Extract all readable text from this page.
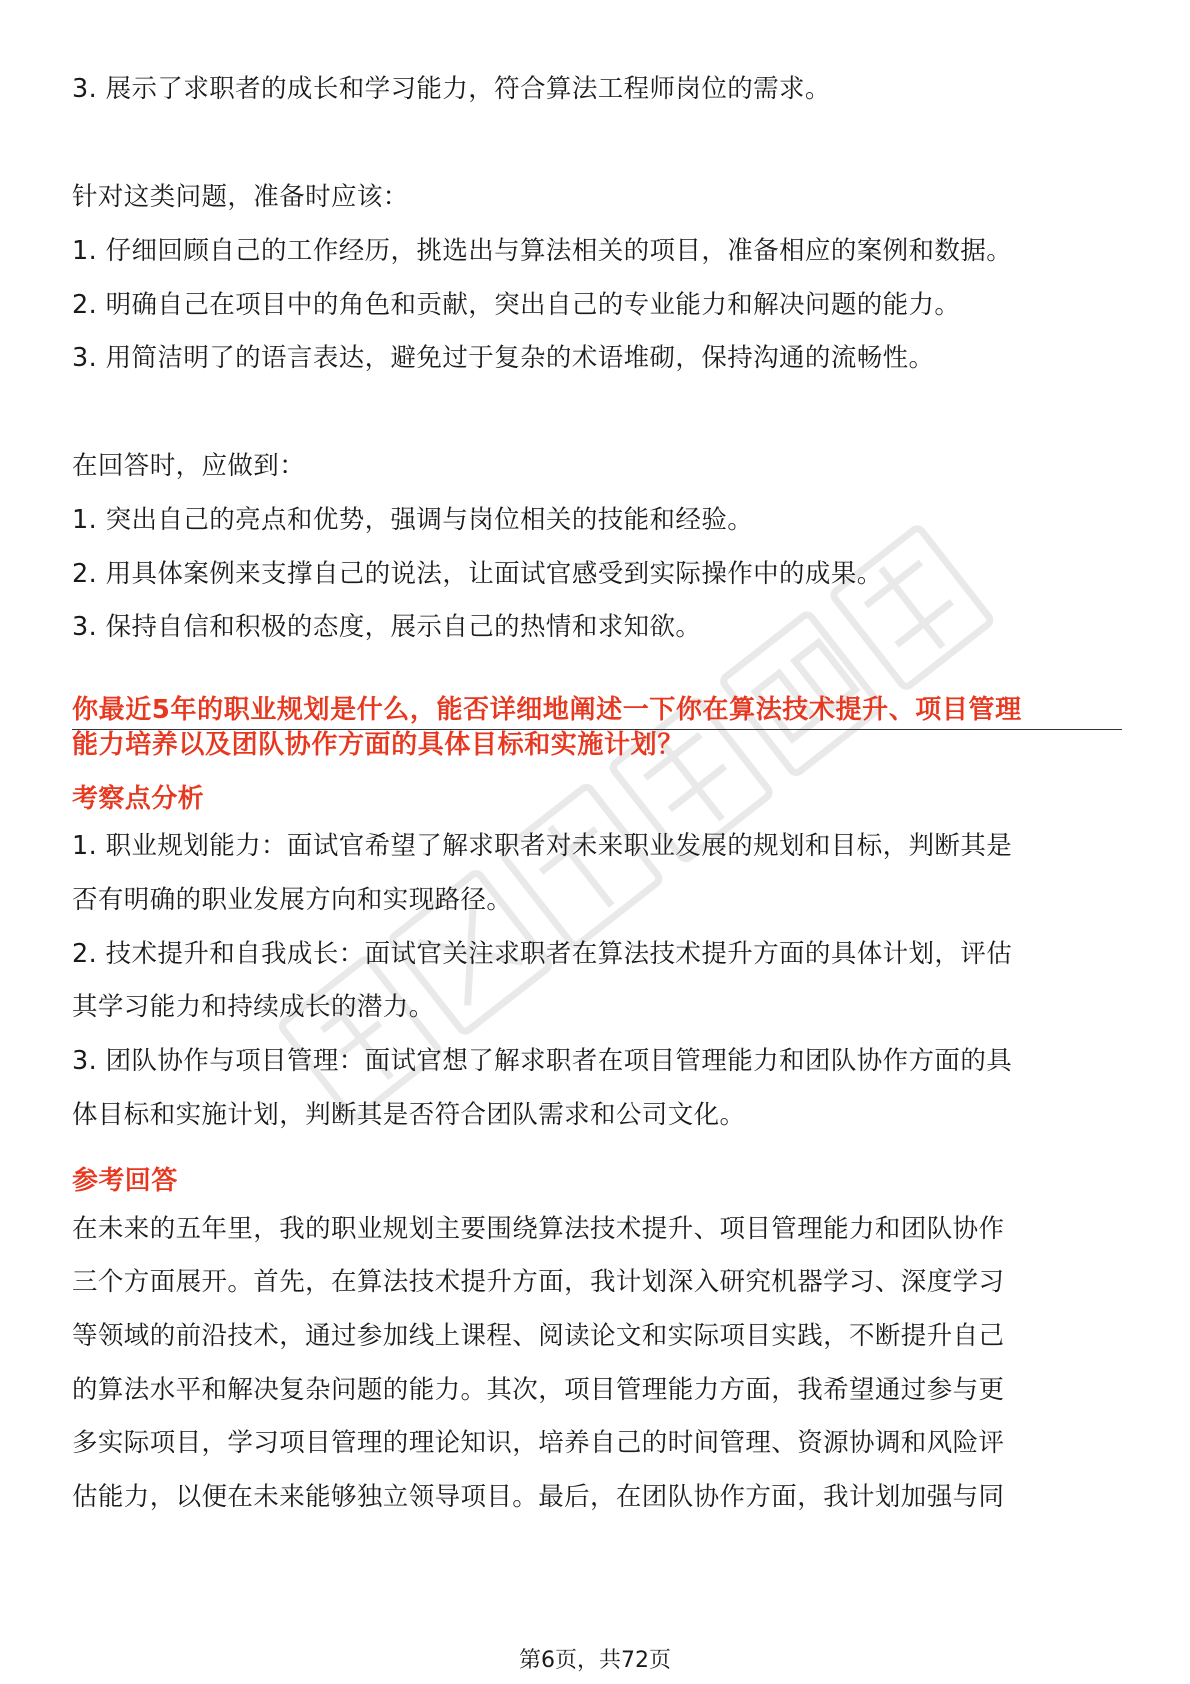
3. 展示了求职者的成长和学习能力，符合算法工程师岗位的需求。
针对这类问题，准备时应该：
1. 仔细回顾自己的工作经历，挑选出与算法相关的项目，准备相应的案例和数据。
2. 明确自己在项目中的角色和贡献，突出自己的专业能力和解决问题的能力。
3. 用简洁明了的语言表达，避免过于复杂的术语堆砌，保持沟通的流畅性。
在回答时，应做到：
1. 突出自己的亮点和优势，强调与岗位相关的技能和经验。
2. 用具体案例来支撑自己的说法，让面试官感受到实际操作中的成果。
3. 保持自信和积极的态度，展示自己的热情和求知欲。
你最近5年的职业规划是什么，能否详细地阐述一下你在算法技术提升、项目管理
能力培养以及团队协作方面的具体目标和实施计划？
考察点分析
1. 职业规划能力：面试官希望了解求职者对未来职业发展的规划和目标，判断其是
否有明确的职业发展方向和实现路径。
2. 技术提升和自我成长：面试官关注求职者在算法技术提升方面的具体计划，评估
其学习能力和持续成长的潜力。
3. 团队协作与项目管理：面试官想了解求职者在项目管理能力和团队协作方面的具
体目标和实施计划，判断其是否符合团队需求和公司文化。
参考回答
在未来的五年里，我的职业规划主要围绕算法技术提升、项目管理能力和团队协作
三个方面展开。首先，在算法技术提升方面，我计划深入研究机器学习、深度学习
等领域的前沿技术，通过参加线上课程、阅读论文和实际项目实践，不断提升自己
的算法水平和解决复杂问题的能力。其次，项目管理能力方面，我希望通过参与更
多实际项目，学习项目管理的理论知识，培养自己的时间管理、资源协调和风险评
估能力，以便在未来能够独立领导项目。最后，在团队协作方面，我计划加强与同
第6页，共72页
